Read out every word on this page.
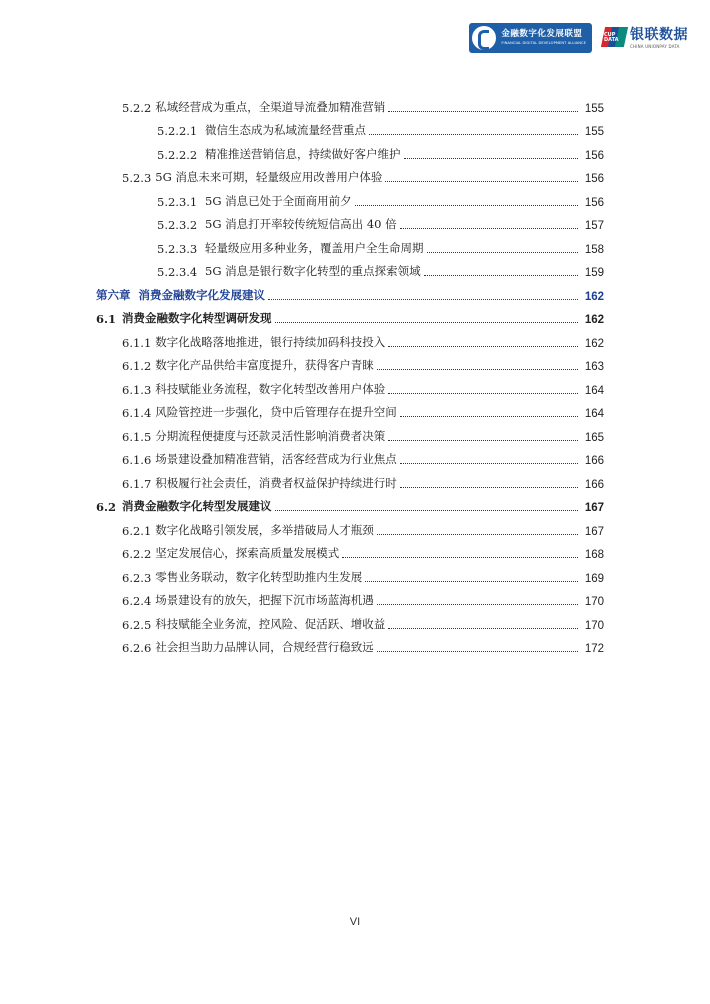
金融数字化发展联盟
FINANCIAL DIGITAL DEVELOPMENT ALLIANCE
CUP DATA 银联数据
CHINA UNIONPAY DATA
5.2.2 私域经营成为重点，全渠道导流叠加精准营销	155
5.2.2.1 微信生态成为私域流量经营重点	155
5.2.2.2 精准推送营销信息，持续做好客户维护	156
5.2.3 5G 消息未来可期，轻量级应用改善用户体验	156
5.2.3.1 5G 消息已处于全面商用前夕	156
5.2.3.2 5G 消息打开率较传统短信高出 40 倍	157
5.2.3.3 轻量级应用多种业务，覆盖用户全生命周期	158
5.2.3.4 5G 消息是银行数字化转型的重点探索领域	159
第六章 消费金融数字化发展建议	162
6.1 消费金融数字化转型调研发现	162
6.1.1 数字化战略落地推进，银行持续加码科技投入	162
6.1.2 数字化产品供给丰富度提升，获得客户青睐	163
6.1.3 科技赋能业务流程，数字化转型改善用户体验	164
6.1.4 风险管控进一步强化，贷中后管理存在提升空间	164
6.1.5 分期流程便捷度与还款灵活性影响消费者决策	165
6.1.6 场景建设叠加精准营销，活客经营成为行业焦点	166
6.1.7 积极履行社会责任，消费者权益保护持续进行时	166
6.2 消费金融数字化转型发展建议	167
6.2.1 数字化战略引领发展，多举措破局人才瓶颈	167
6.2.2 坚定发展信心，探索高质量发展模式	168
6.2.3 零售业务联动，数字化转型助推内生发展	169
6.2.4 场景建设有的放矢，把握下沉市场蓝海机遇	170
6.2.5 科技赋能全业务流，控风险、促活跃、增收益	170
6.2.6 社会担当助力品牌认同，合规经营行稳致远	172
VI
